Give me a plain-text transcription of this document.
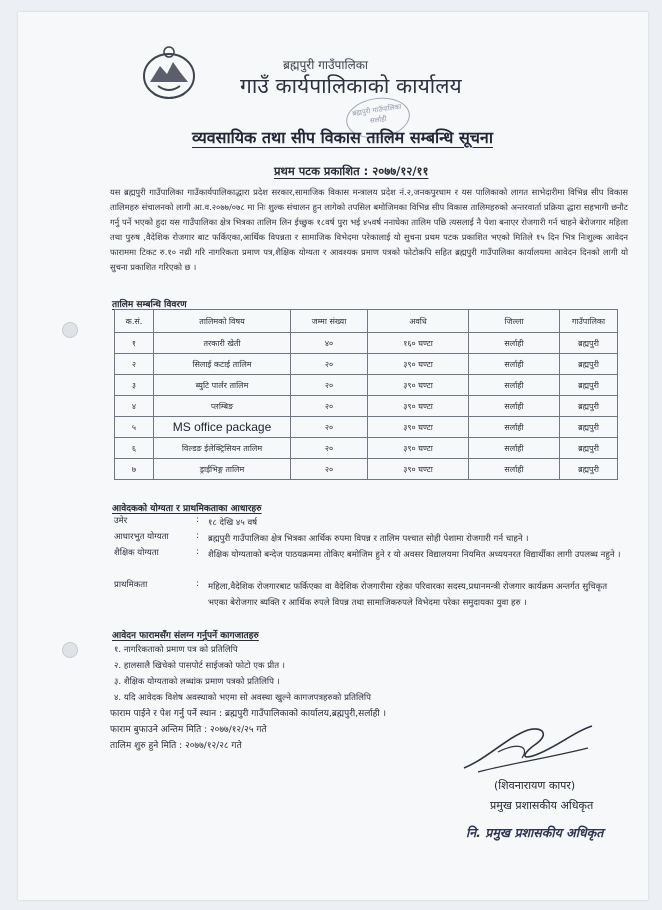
ब्रह्मपुरी गाउँपालिका
गाउँ कार्यपालिकाको कार्यालय
ब्रह्मपुरी गाउँपालिका सर्लाही
व्यवसायिक तथा सीप विकास तालिम सम्बन्धि सूचना
प्रथम पटक प्रकाशित : २०७७/१२/११
यस ब्रह्मपुरी गाउँपालिका गाउँकार्यपालिकाद्धारा प्रदेश सरकार,सामाजिक विकास मन्त्रालय प्रदेश नं.२,जनकपुरधाम र यस पालिकाको लागत साभेदारीमा विभिन्न सीप विकास तालिमहरु संचालनको लागी आ.व.२०७७/०७८ मा निः शुल्क संचालन हुन लागेको तपसिल बमोजिमका विभिन्न सीप विकास तालिमहरुको अन्तरवार्ता प्रक्रिया द्धारा सहभागी छनौट गर्नु पर्ने भएको हुदा यस गाउँपालिका क्षेत्र भित्रका तालिम लिन ईच्छुक १८वर्ष पुरा भई ४५वर्ष ननाघेका तालिम पछि त्यसलाई नै पेशा बनाएर रोजगारी गर्न चाहने बेरोजगार महिला तथा पुरुष ,वैदेशिक रोजगार बाट फर्किएका,आर्थिक विपन्नता र सामाजिक विभेदमा परेकालाई यो सुचना प्रथम पटक प्रकाशित भएको मितिले १५ दिन भित्र निःशुल्क आवेदन फाराममा टिकट रु.१० नथ्री गरि नागरिकता प्रमाण पत्र,शैक्षिक योग्यता र आवश्यक प्रमाण पत्रको फोटोकपि सहित ब्रह्मपुरी गाउँपालिका कार्यालयमा आवेदन दिनको लागी यो सुचना प्रकाशित गरिएको छ ।
तालिम सम्बन्धि विवरण
क.सं.	तालिमको विषय	जम्मा संख्या	अवधि	जिल्ला	गाउँपालिका
१	तरकारी खेती	४०	१६० घण्टा	सर्लाही	ब्रह्मपुरी
२	सिलाई कटाई तालिम	२०	३९० घण्टा	सर्लाही	ब्रह्मपुरी
३	ब्युटि पार्लर तालिम	२०	३९० घण्टा	सर्लाही	ब्रह्मपुरी
४	प्लम्बिङ	२०	३९० घण्टा	सर्लाही	ब्रह्मपुरी
५	MS office package	२०	३९० घण्टा	सर्लाही	ब्रह्मपुरी
६	विल्डङ ईलेक्ट्रिसियन तालिम	२०	३९० घण्टा	सर्लाही	ब्रह्मपुरी
७	ड्राईभिङ्ग तालिम	२०	३९० घण्टा	सर्लाही	ब्रह्मपुरी
आवेदकको योग्यता र प्राथमिकताका आधारहरु
उमेर	: १८ देखि ४५ वर्ष
आधारभुत योग्यता	: ब्रह्मपुरी गाउँपालिका क्षेत्र भित्रका आर्थिक रुपमा विपन्न र तालिम पश्चात सोही पेशामा रोजगारी गर्न चाहने ।
शैक्षिक योग्यता	: शैक्षिक योग्यताको बन्देज पाठयक्रममा तोकिए बमोजिम हुने र यो अवसर विद्यालयमा नियमित अध्ययनरत विद्यार्थीका लागी उपलब्ध नहुने ।
प्राथमिकता	: महिला,वैदेशिक रोजगारबाट फर्किएका वा वैदेशिक रोजगारीमा रहेका परिवारका सदस्य,प्रधानमन्त्री रोजगार कार्यक्रम अन्तर्गत सुचिकृत भएका बेरोजगार ब्यक्ति र आर्थिक रुपले विपन्न तथा सामाजिकरुपले विभेदमा परेका समुदायका युवा हरु ।
आवेदन फारामसँग संलग्न गर्नुपर्ने कागजातहरु
१. नागरिकताको प्रमाण पत्र को प्रतिलिपि
२. हालसालै खिचेको पासपोर्ट साईजको फोटो एक प्रीत ।
३. शैक्षिक योग्यताको लब्धांक प्रमाण पत्रको प्रतिलिपि ।
४. यदि आवेदक विशेष अवस्थाको भएमा सो अवस्था खुल्ने कागजपत्रहरुको प्रतिलिपि
फाराम पाईने र पेश गर्नु पर्ने स्थान : ब्रह्मपुरी गाउँपालिकाको कार्यालय,ब्रह्मपुरी,सर्लाही ।
फाराम बुफाउने अन्तिम मिति : २०७७/१२/२५ गते
तालिम शुरु हुने मिति : २०७७/१२/२८ गते
(शिवनारायण कापर)
प्रमुख प्रशासकीय अधिकृत
नि. प्रमुख प्रशासकीय अधिकृत
